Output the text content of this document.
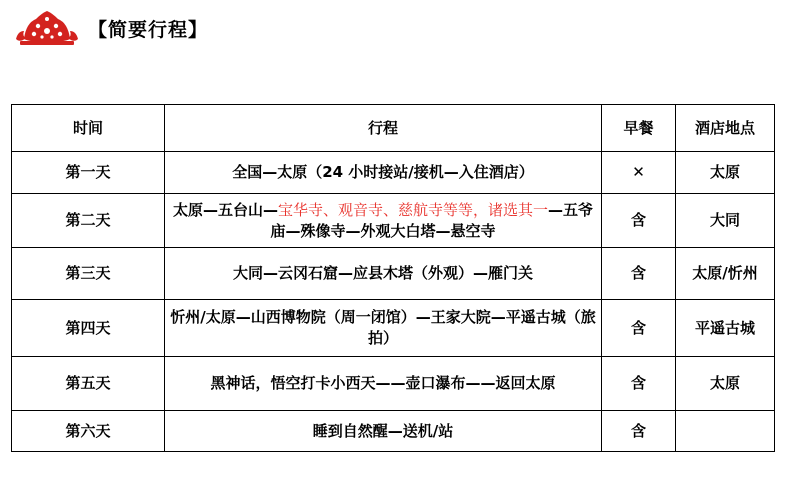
【简要行程】
时间	行程	早餐	酒店地点
第一天	全国—太原（24 小时接站/接机—入住酒店）	✕	太原
第二天	太原—五台山—宝华寺、观音寺、慈航寺等等，诸选其一—五爷庙—殊像寺—外观大白塔—悬空寺	含	大同
第三天	大同—云冈石窟—应县木塔（外观）—雁门关	含	太原/忻州
第四天	忻州/太原—山西博物院（周一闭馆）—王家大院—平遥古城（旅拍）	含	平遥古城
第五天	黑神话，悟空打卡小西天——壶口瀑布——返回太原	含	太原
第六天	睡到自然醒—送机/站	含	
